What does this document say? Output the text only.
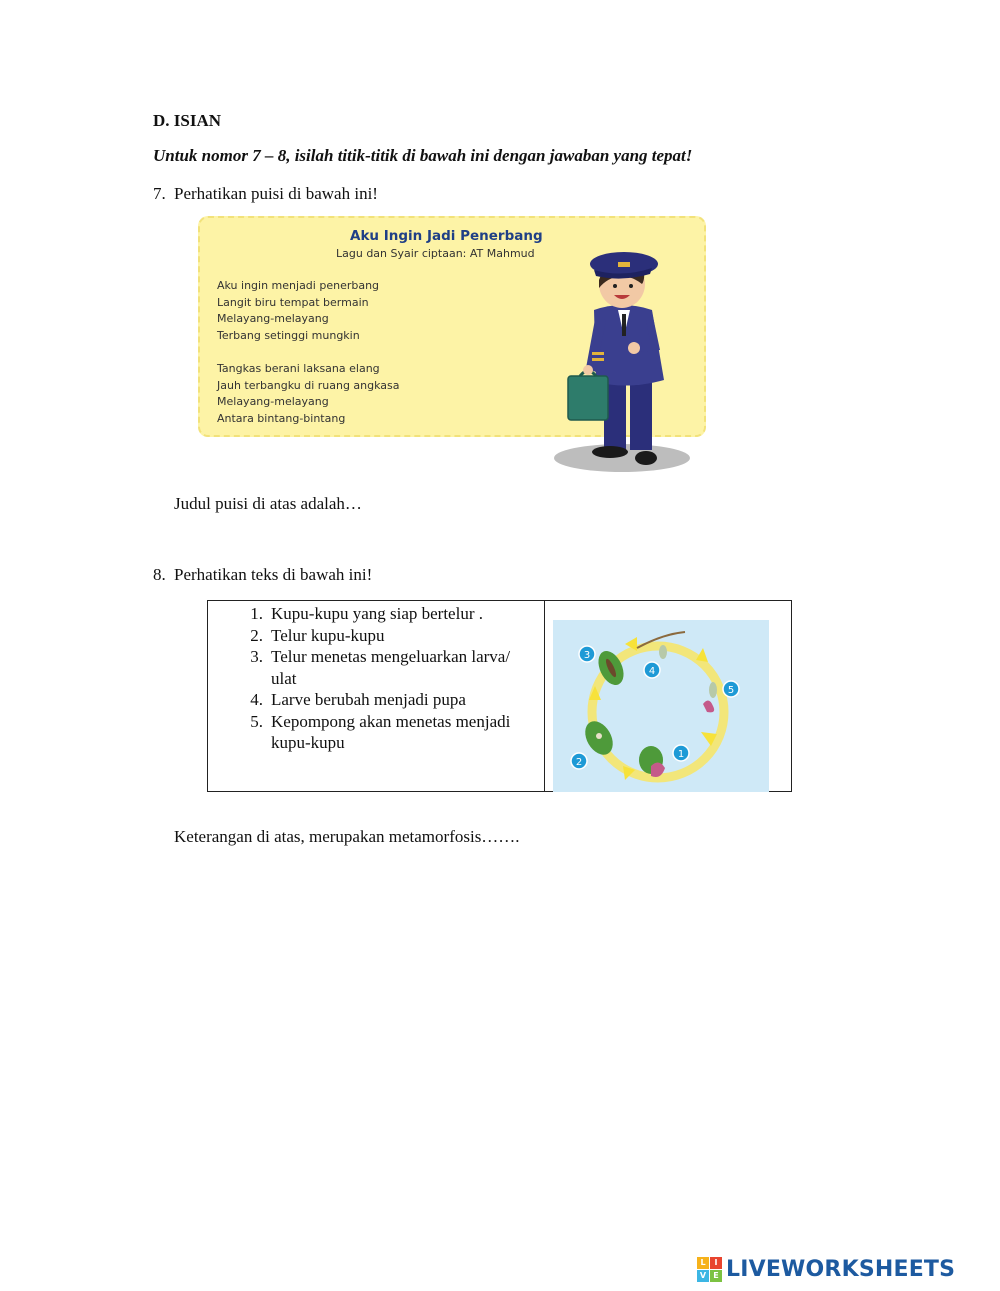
D. ISIAN
Untuk nomor 7 – 8, isilah titik-titik di bawah ini dengan jawaban yang tepat!
7. Perhatikan puisi di bawah ini!
Aku Ingin Jadi Penerbang
Lagu dan Syair ciptaan: AT Mahmud
Aku ingin menjadi penerbang
Langit biru tempat bermain
Melayang-melayang
Terbang setinggi mungkin
Tangkas berani laksana elang
Jauh terbangku di ruang angkasa
Melayang-melayang
Antara bintang-bintang
Judul puisi di atas adalah…
8. Perhatikan teks di bawah ini!
1. Kupu-kupu yang siap bertelur .
2. Telur kupu-kupu
3. Telur menetas mengeluarkan larva/ ulat
4. Larve berubah menjadi pupa
5. Kepompong akan menetas menjadi kupu-kupu
1
2
3
4
5
Keterangan di atas, merupakan metamorfosis…….
L	I
V E LIVEWORKSHEETS
